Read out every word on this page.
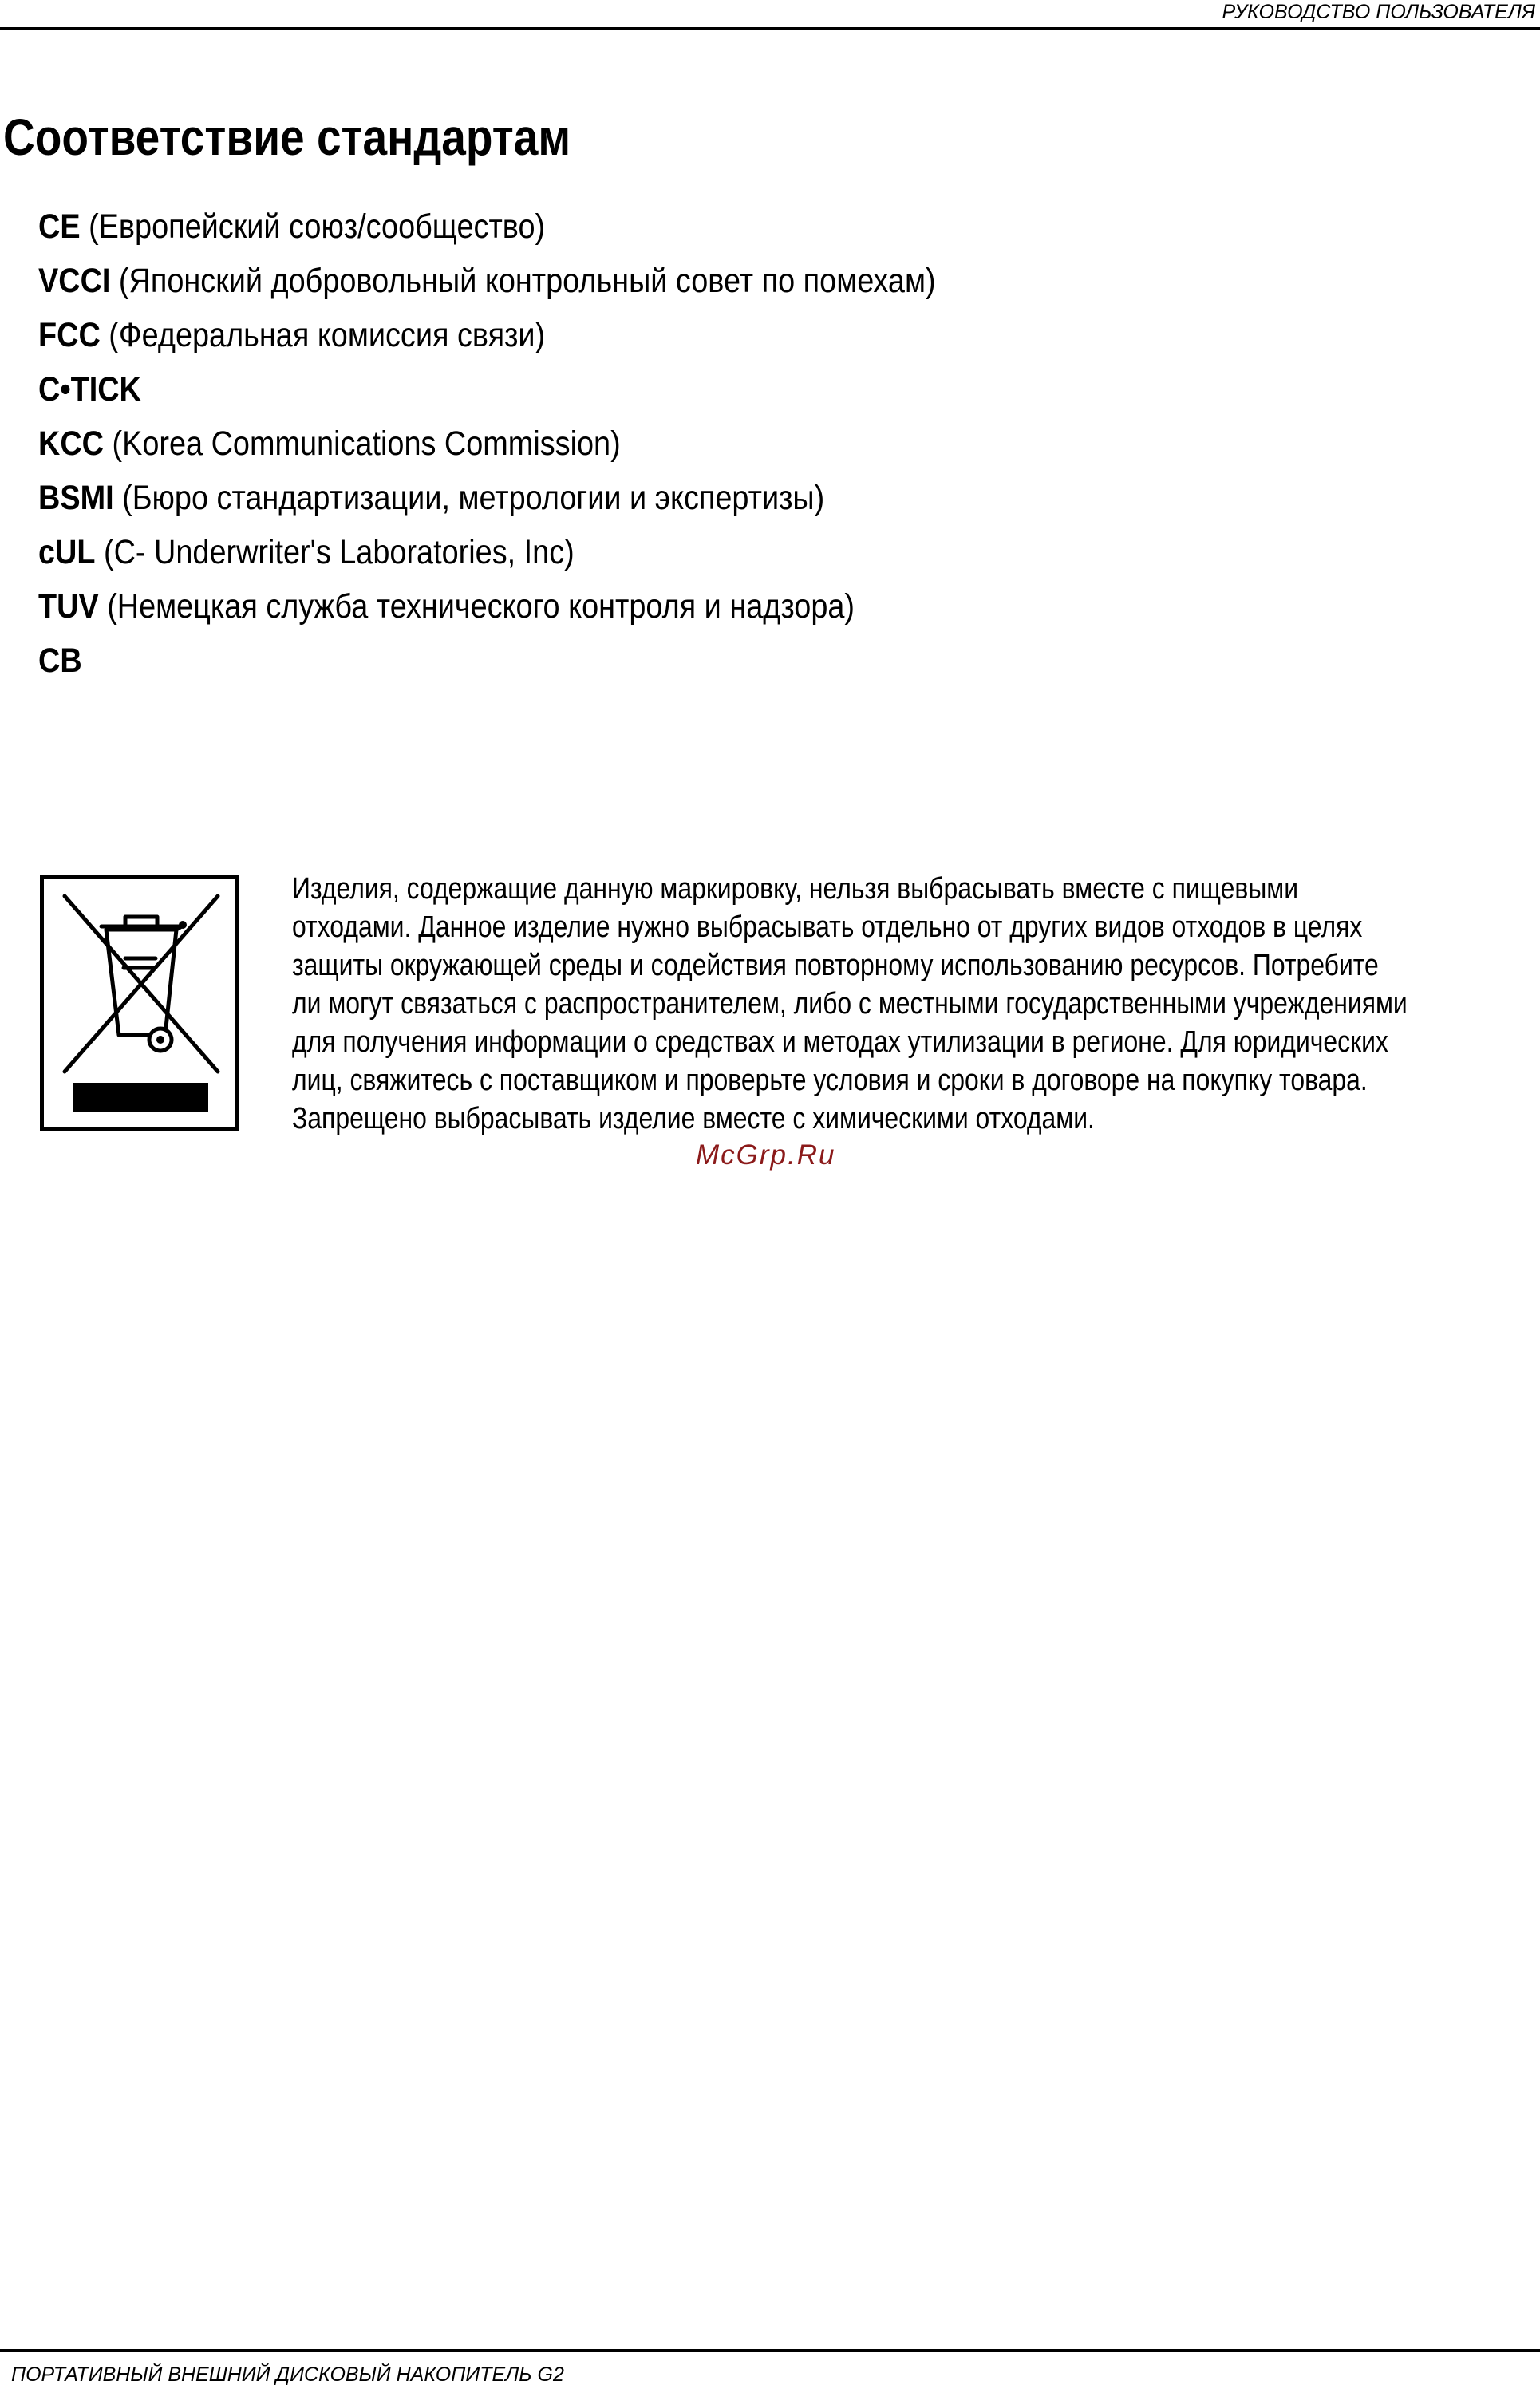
РУКОВОДСТВО ПОЛЬЗОВАТЕЛЯ
Соответствие стандартам
CE (Европейский союз/сообщество)
VCCI (Японский добровольный контрольный совет по помехам)
FCC (Федеральная комиссия связи)
C•TICK
KCC (Korea Communications Commission)
BSMI (Бюро стандартизации, метрологии и экспертизы)
cUL (C- Underwriter's Laboratories, Inc)
TUV (Немецкая служба технического контроля и надзора)
CB
Изделия, содержащие данную маркировку, нельзя выбрасывать вместе с пищевыми
отходами. Данное изделие нужно выбрасывать отдельно от других видов отходов в целях
защиты окружающей среды и содействия повторному использованию ресурсов. Потребите
ли могут связаться с распространителем, либо с местными государственными учреждениями
для получения информации о средствах и методах утилизации в регионе. Для юридических
лиц, свяжитесь с поставщиком и проверьте условия и сроки в договоре на покупку товара.
Запрещено выбрасывать изделие вместе с химическими отходами.
McGrp.Ru
ПОРТАТИВНЫЙ ВНЕШНИЙ ДИСКОВЫЙ НАКОПИТЕЛЬ G2
